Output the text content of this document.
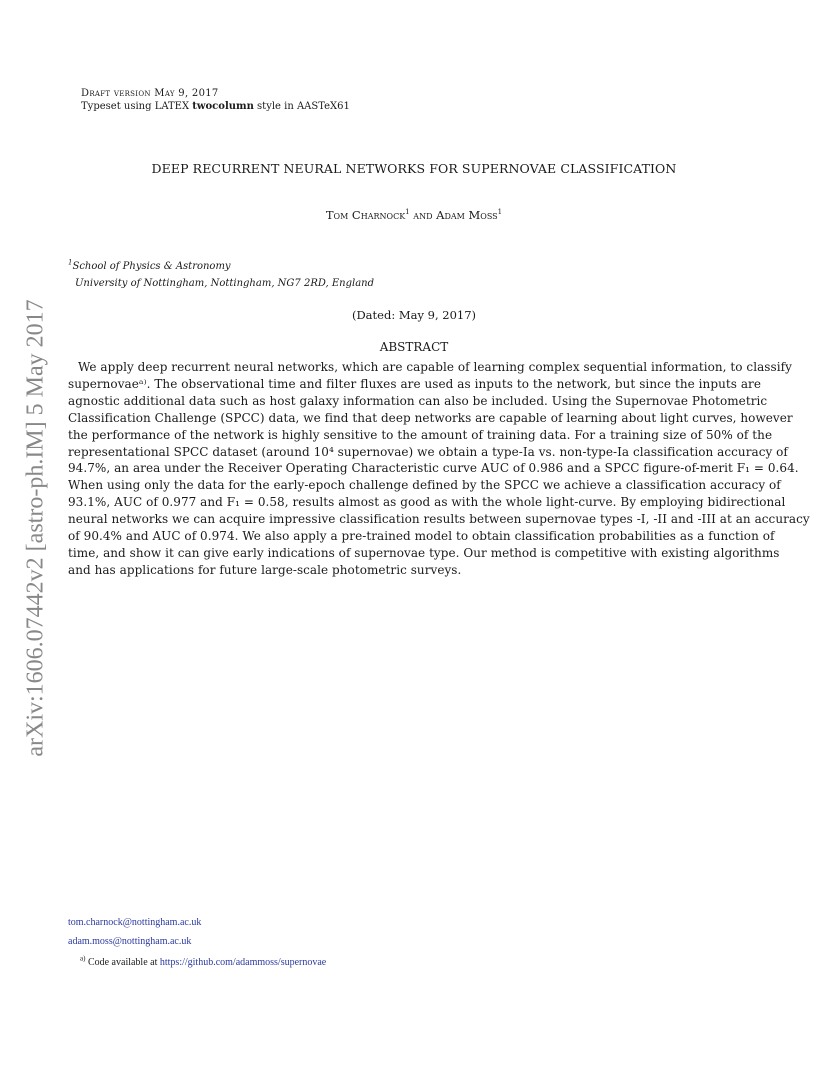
Draft version May 9, 2017
Typeset using LATEX twocolumn style in AASTeX61
DEEP RECURRENT NEURAL NETWORKS FOR SUPERNOVAE CLASSIFICATION
Tom Charnock$^1$ and Adam Moss$^1$
$^1$School of Physics & Astronomy
University of Nottingham, Nottingham, NG7 2RD, England
(Dated: May 9, 2017)
ABSTRACT
We apply deep recurrent neural networks, which are capable of learning complex sequential information, to classify
supernovaeᵃ⁾. The observational time and filter fluxes are used as inputs to the network, but since the inputs are
agnostic additional data such as host galaxy information can also be included. Using the Supernovae Photometric
Classification Challenge (SPCC) data, we find that deep networks are capable of learning about light curves, however
the performance of the network is highly sensitive to the amount of training data. For a training size of 50% of the
representational SPCC dataset (around 10⁴ supernovae) we obtain a type-Ia vs. non-type-Ia classification accuracy of
94.7%, an area under the Receiver Operating Characteristic curve AUC of 0.986 and a SPCC figure-of-merit F₁ = 0.64.
When using only the data for the early-epoch challenge defined by the SPCC we achieve a classification accuracy of
93.1%, AUC of 0.977 and F₁ = 0.58, results almost as good as with the whole light-curve. By employing bidirectional
neural networks we can acquire impressive classification results between supernovae types -I, -II and -III at an accuracy
of 90.4% and AUC of 0.974. We also apply a pre-trained model to obtain classification probabilities as a function of
time, and show it can give early indications of supernovae type. Our method is competitive with existing algorithms
and has applications for future large-scale photometric surveys.
arXiv:1606.07442v2 [astro-ph.IM] 5 May 2017
tom.charnock@nottingham.ac.uk
adam.moss@nottingham.ac.uk
$^{a)}$ Code available at https://github.com/adammoss/supernovae
